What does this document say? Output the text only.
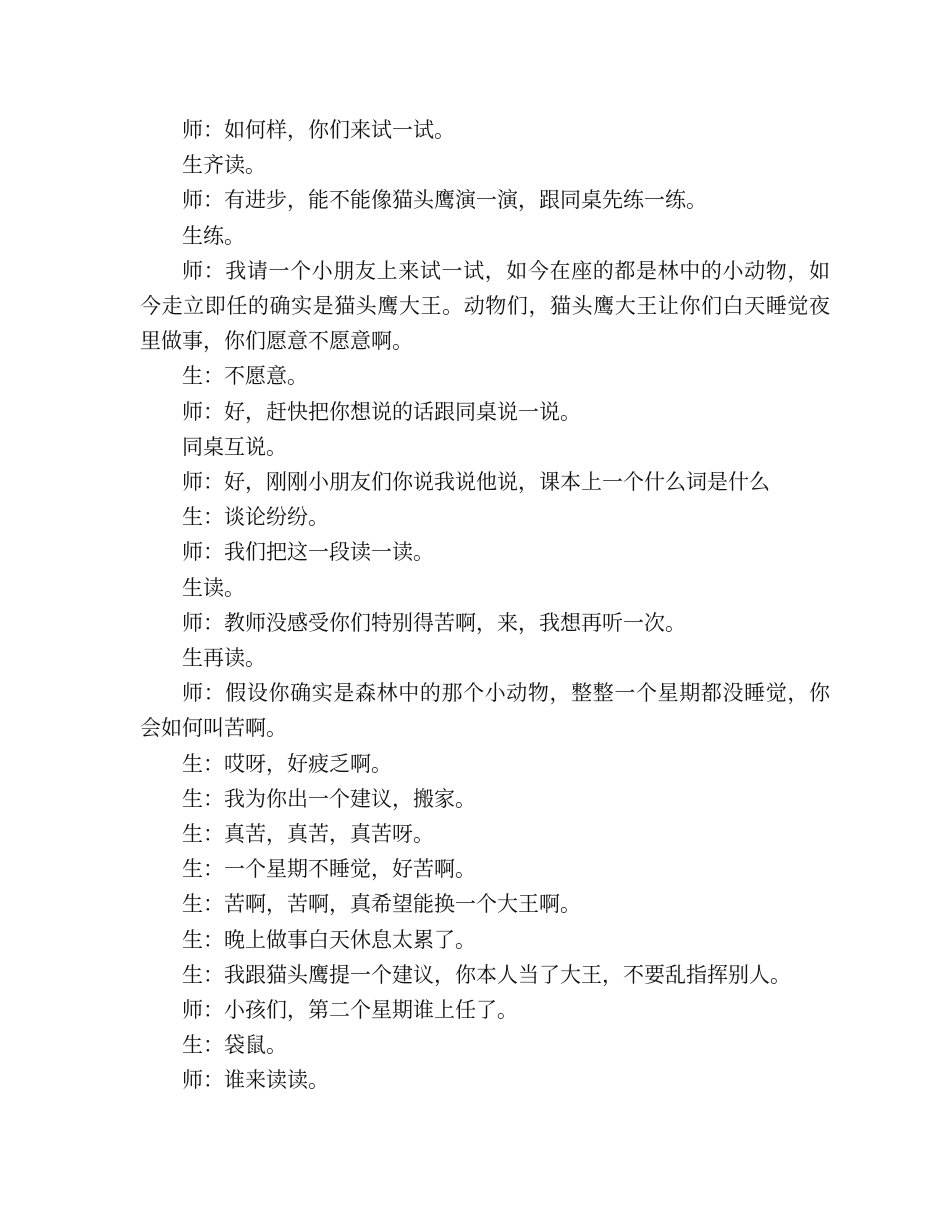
师：如何样，你们来试一试。

生齐读。

师：有进步，能不能像猫头鹰演一演，跟同桌先练一练。

生练。

师：我请一个小朋友上来试一试，如今在座的都是林中的小动物，如今走立即任的确实是猫头鹰大王。动物们，猫头鹰大王让你们白天睡觉夜里做事，你们愿意不愿意啊。

生：不愿意。

师：好，赶快把你想说的话跟同桌说一说。

同桌互说。

师：好，刚刚小朋友们你说我说他说，课本上一个什么词是什么

生：谈论纷纷。

师：我们把这一段读一读。

生读。

师：教师没感受你们特别得苦啊，来，我想再听一次。

生再读。

师：假设你确实是森林中的那个小动物，整整一个星期都没睡觉，你会如何叫苦啊。

生：哎呀，好疲乏啊。

生：我为你出一个建议，搬家。

生：真苦，真苦，真苦呀。

生：一个星期不睡觉，好苦啊。

生：苦啊，苦啊，真希望能换一个大王啊。

生：晚上做事白天休息太累了。

生：我跟猫头鹰提一个建议，你本人当了大王，不要乱指挥别人。

师：小孩们，第二个星期谁上任了。

生：袋鼠。

师：谁来读读。
